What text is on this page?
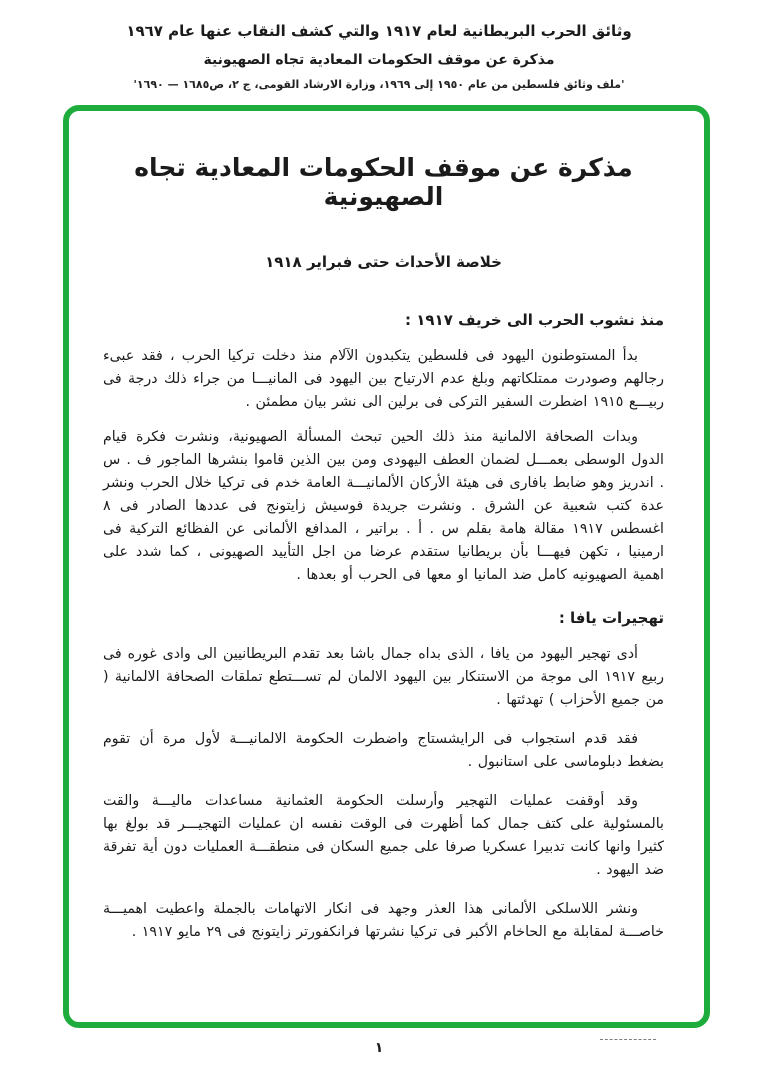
وثائق الحرب البريطانية لعام ١٩١٧ والتي كشف النقاب عنها عام ١٩٦٧
مذكرة عن موقف الحكومات المعادية تجاه الصهيونية
'ملف وثائق فلسطين من عام ١٩٥٠ إلى ١٩٦٩، وزارة الارشاد القومى، ج ٢، ص١٦٨٥ — ١٦٩٠'
مذكرة عن موقف الحكومات المعادية تجاه الصهيونية
خلاصة الأحداث حتى فبراير ١٩١٨
منذ نشوب الحرب الى خريف ١٩١٧ :

بدأ المستوطنون اليهود فى فلسطين يتكبدون الآلام منذ دخلت تركيا الحرب ، فقد عبىء رجالهم وصودرت ممتلكاتهم وبلغ عدم الارتياح بين اليهود فى المانيـــا من جراء ذلك درجة فى ربيـــع ١٩١٥ اضطرت السفير التركى فى برلين الى نشر بيان مطمئن .

وبدات الصحافة الالمانية منذ ذلك الحين تبحث المسألة الصهيونية، ونشرت فكرة قيام الدول الوسطى بعمـــل لضمان العطف اليهودى ومن بين الذين قاموا بنشرها الماجور ف . س . اندريز وهو ضابط بافارى فى هيئة الأركان الألمانيـــة العامة خدم فى تركيا خلال الحرب ونشر عدة كتب شعبية عن الشرق . ونشرت جريدة فوسيش زايتونج فى عددها الصادر فى ٨ اغسطس ١٩١٧ مقالة هامة بقلم س . أ . براتير ، المدافع الألمانى عن الفظائع التركية فى ارمينيا ، تكهن فيهـــا بأن بريطانيا ستقدم عرضا من اجل التأييد الصهيونى ، كما شدد على اهمية الصهيونيه كامل ضد المانيا او معها فى الحرب أو بعدها .

تهجيرات يافا :

أدى تهجير اليهود من يافا ، الذى بداه جمال باشا بعد تقدم البريطانيين الى وادى غوره فى ربيع ١٩١٧ الى موجة من الاستنكار بين اليهود الالمان لم تســـتطع تملقات الصحافة الالمانية ( من جميع الأحزاب ) تهدئتها .

فقد قدم استجواب فى الرايشستاج واضطرت الحكومة الالمانيـــة لأول مرة أن تقوم بضغط دبلوماسى على استانبول .

وقد أوقفت عمليات التهجير وأرسلت الحكومة العثمانية مساعدات ماليـــة والقت بالمسئولية على كتف جمال كما أظهرت فى الوقت نفسه ان عمليات التهجيـــر قد بولغ بها كثيرا وانها كانت تدبيرا عسكريا صرفا على جميع السكان فى منطقـــة العمليات دون أية تفرقة ضد اليهود .

ونشر اللاسلكى الألمانى هذا العذر وجهد فى انكار الاتهامات بالجملة واعطيت اهميـــة خاصـــة لمقابلة مع الحاخام الأكبر فى تركيا نشرتها فرانكفورتر زايتونج فى ٢٩ مايو ١٩١٧ .

١
